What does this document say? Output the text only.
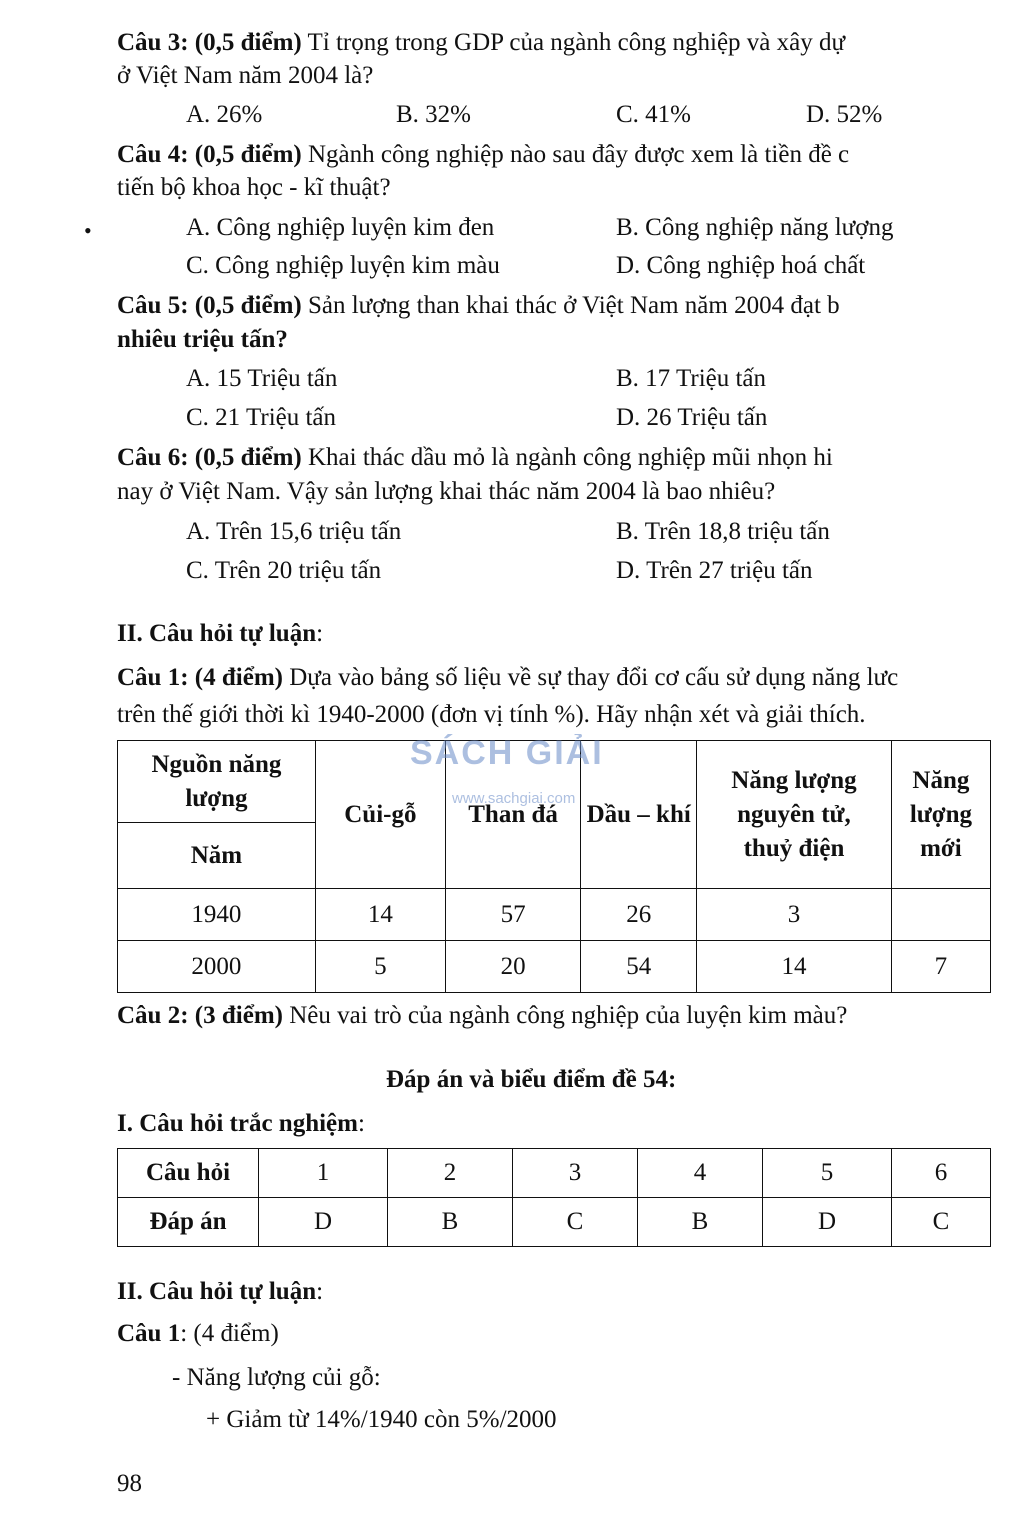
Câu 3: (0,5 điểm) Tỉ trọng trong GDP của ngành công nghiệp và xây dự
ở Việt Nam năm 2004 là?
A. 26%	B. 32%	C. 41%	D. 52%
Câu 4: (0,5 điểm) Ngành công nghiệp nào sau đây được xem là tiền đề c
tiến bộ khoa học - kĩ thuật?
•	A. Công nghiệp luyện kim đen	B. Công nghiệp năng lượng
C. Công nghiệp luyện kim màu	D. Công nghiệp hoá chất
Câu 5: (0,5 điểm) Sản lượng than khai thác ở Việt Nam năm 2004 đạt b
nhiêu triệu tấn?
A. 15 Triệu tấn	B. 17 Triệu tấn
C. 21 Triệu tấn	D. 26 Triệu tấn
Câu 6: (0,5 điểm) Khai thác dầu mỏ là ngành công nghiệp mũi nhọn hi
nay ở Việt Nam. Vậy sản lượng khai thác năm 2004 là bao nhiêu?
A. Trên 15,6 triệu tấn	B. Trên 18,8 triệu tấn
C. Trên 20 triệu tấn	D. Trên 27 triệu tấn
II. Câu hỏi tự luận:
Câu 1: (4 điểm) Dựa vào bảng số liệu về sự thay đổi cơ cấu sử dụng năng lưc
trên thế giới thời kì 1940-2000 (đơn vị tính %). Hãy nhận xét và giải thích.
Nguồn năng lượng	Củi-gỗ	Than đá	Dầu – khí	Năng lượng nguyên tử, thuỷ điện	Năng lượng mới
Năm					
1940	14	57	26	3	
2000	5	20	54	14	7
SÁCH GIẢI
www.sachgiai.com
Câu 2: (3 điểm) Nêu vai trò của ngành công nghiệp của luyện kim màu?
Đáp án và biểu điểm đề 54:
I. Câu hỏi trắc nghiệm:
Câu hỏi	1	2	3	4	5	6
Đáp án	D	B	C	B	D	C
II. Câu hỏi tự luận:
Câu 1: (4 điểm)
- Năng lượng củi gỗ:
+ Giảm từ 14%/1940 còn 5%/2000
98
